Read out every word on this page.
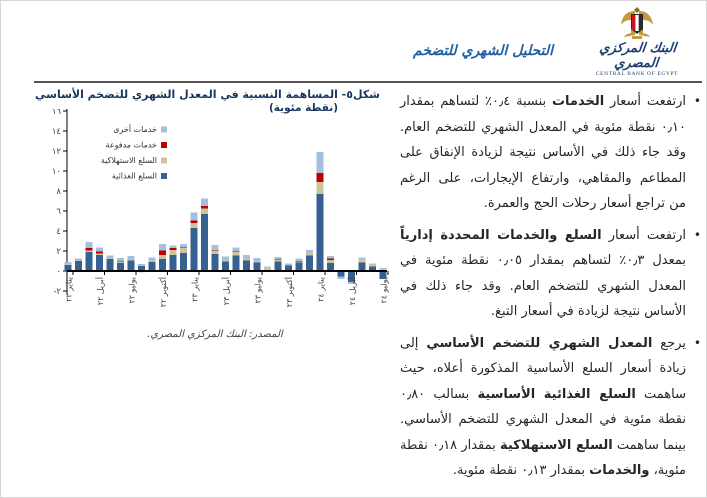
البنك المركزي المصري
CENTRAL BANK OF EGYPT
التحليل الشهري للتضخم
شكل٥- المساهمة النسبية في المعدل الشهري للتضخم الأساسي
(نقطة مئوية)
١٦
١٤
١٢
١٠
٨
٦
٤
٢
٠
-٢
يناير ٢٢
أبريل ٢٢
يوليو ٢٢
أكتوبر ٢٢	يناير ٢٣
أبريل ٢٣
يوليو ٢٣
أكتوبر ٢٣	يناير ٢٤
أبريل ٢٤
يوليو ٢٤
خدمات أخرى
خدمات مدفوعة
السلع الاستهلاكية
السلع الغذائية
المصدر: البنك المركزي المصري.
•
ارتفعت أسعار الخدمات بنسبة ٠٫٤٪ لتساهم بمقدار ٠٫١٠ نقطة مئوية في المعدل الشهري للتضخم العام. وقد جاء ذلك في الأساس نتيجة لزيادة الإنفاق على المطاعم والمقاهي، وارتفاع الإيجارات، على الرغم من تراجع أسعار رحلات الحج والعمرة.
•
ارتفعت أسعار السلع والخدمات المحددة إدارياً بمعدل ٠٫٣٪ لتساهم بمقدار ٠٫٠٥ نقطة مئوية في المعدل الشهري للتضخم العام. وقد جاء ذلك في الأساس نتيجة لزيادة في أسعار التبغ.
•
يرجع المعدل الشهري للتضخم الأساسي إلى زيادة أسعار السلع الأساسية المذكورة أعلاه، حيث ساهمت السلع الغذائية الأساسية بسالب ٠٫٨٠ نقطة مئوية في المعدل الشهري للتضخم الأساسي. بينما ساهمت السلع الاستهلاكية بمقدار ٠٫١٨ نقطة مئوية، والخدمات بمقدار ٠٫١٣ نقطة مئوية.
